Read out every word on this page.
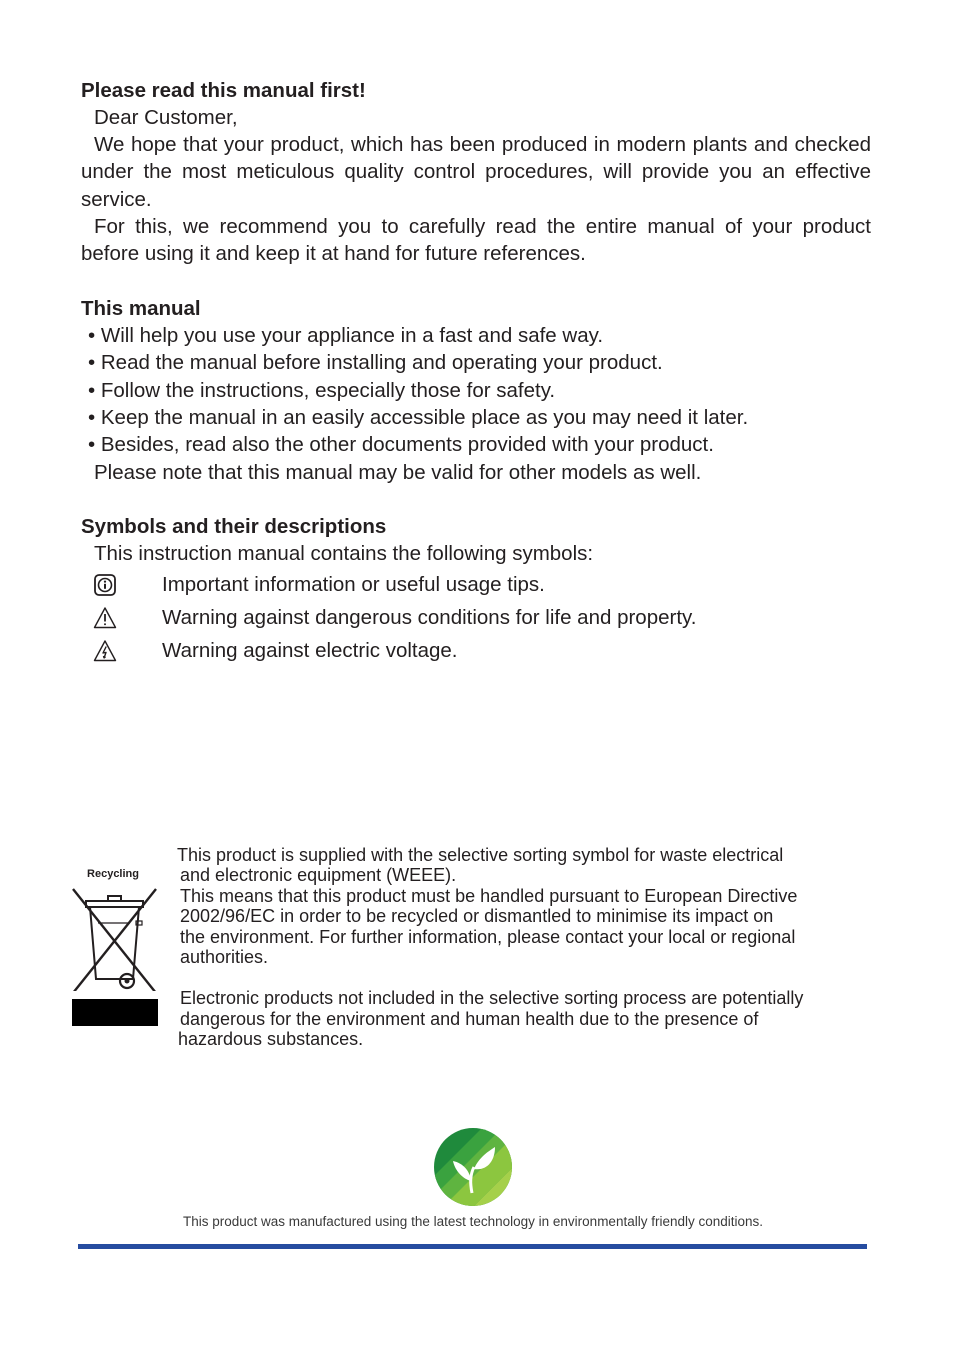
Please read this manual first!
Dear Customer,
We hope that your product, which has been produced in modern plants and checked under the most meticulous quality control procedures, will provide you an effective service.
For this, we recommend you to carefully read the entire manual of your product before using it and keep it at hand for future references.
This manual
• Will help you use your appliance in a fast and safe way.
• Read the manual before installing and operating your product.
• Follow the instructions, especially those for safety.
• Keep the manual in an easily accessible place as you may need it later.
• Besides, read also the other documents provided with your product.
Please note that this manual may be valid for other models as well.
Symbols and their descriptions
This instruction manual contains the following symbols:
Important information or useful usage tips.
Warning against dangerous conditions for life and property.
Warning against electric voltage.
Recycling
This product is supplied with the selective sorting symbol for waste electrical
and electronic equipment (WEEE).
This means that this product must be handled pursuant to European Directive
2002/96/EC in order to be recycled or dismantled to minimise its impact on
the environment. For further information, please contact your local or regional
authorities.
Electronic products not included in the selective sorting process are potentially
dangerous for the environment and human health due to the presence of
hazardous substances.
This product was manufactured using the latest technology in environmentally friendly conditions.
